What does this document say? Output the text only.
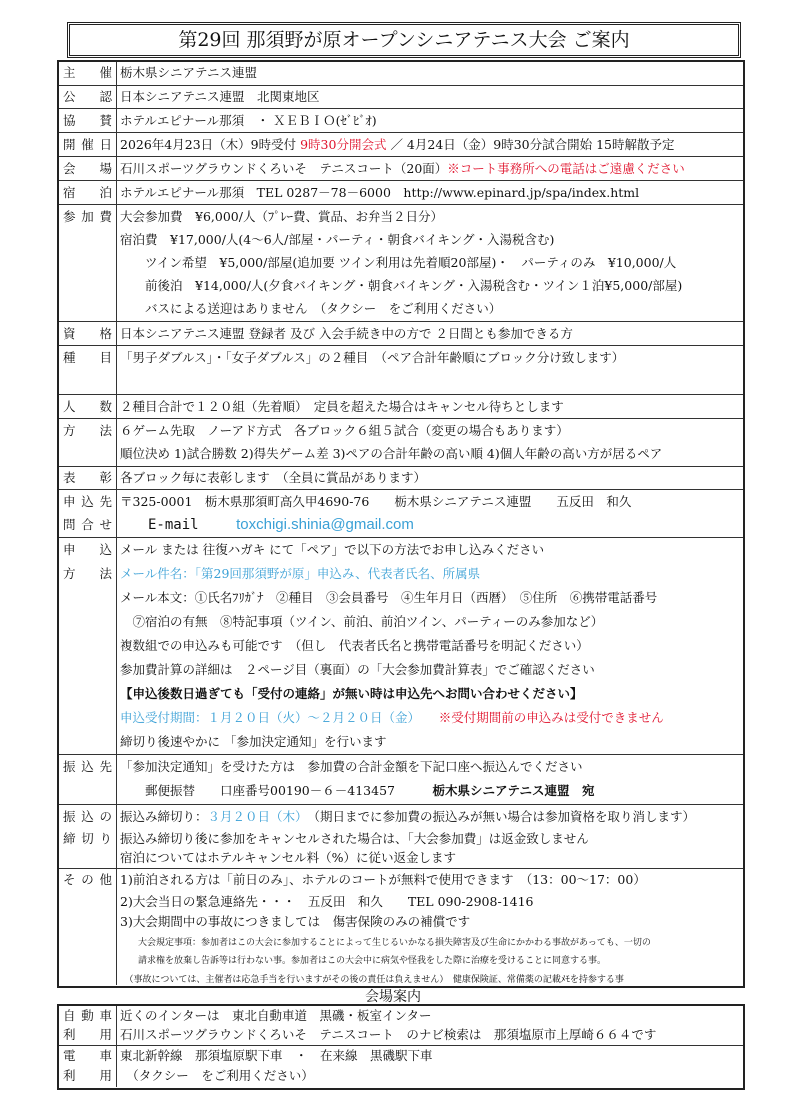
第29回 那須野が原オープンシニアテニス大会 ご案内
主　催 栃木県シニアテニス連盟
公　認 日本シニアテニス連盟　北関東地区
協　賛 ホテルエピナール那須　・ ＸＥＢＩＯ(ｾﾞﾋﾞｵ)
開催日 2026年4月23日（木）9時受付 9時30分開会式 ／ 4月24日（金）9時30分試合開始 15時解散予定
会　場 石川スポーツグラウンドくろいそ　テニスコート（20面）※コート事務所への電話はご遠慮ください
宿　泊 ホテルエピナール那須　TEL 0287－78－6000　http://www.epinard.jp/spa/index.html
参加費 大会参加費　¥6,000/人（ﾌﾟﾚｰ費、賞品、お弁当２日分）
宿泊費　¥17,000/人(4～6人/部屋・パーティ・朝食バイキング・入湯税含む)
　　ツイン希望　¥5,000/部屋(追加要 ツイン利用は先着順20部屋)・　パーティのみ　¥10,000/人
　　前後泊　¥14,000/人(夕食バイキング・朝食バイキング・入湯税含む・ツイン１泊¥5,000/部屋)
　　バスによる送迎はありません　（タクシー　をご利用ください）
資　格 日本シニアテニス連盟 登録者 及び 入会手続き中の方で ２日間とも参加できる方
種　目 「男子ダブルス」・「女子ダブルス」の２種目　（ペア合計年齢順にブロック分け致します）
人　数 ２種目合計で１２０組（先着順）　定員を超えた場合はキャンセル待ちとします
方　法 ６ゲーム先取　ノーアド方式　各ブロック６組５試合（変更の場合もあります）
順位決め 1)試合勝数 2)得失ゲーム差 3)ペアの合計年齢の高い順 4)個人年齢の高い方が居るペア
表　彰 各ブロック毎に表彰します　（全員に賞品があります）
申込先
問合せ
〒325-0001　栃木県那須町高久甲4690-76　　栃木県シニアテニス連盟　　五反田　和久
　　E-mail　　　	toxchigi.shinia@gmail.com
申　込
方　法
メール または 往復ハガキ にて「ペア」で以下の方法でお申し込みください
メール件名：「第29回那須野が原」申込み、代表者氏名、所属県
メール本文：①氏名ﾌﾘｶﾞﾅ　②種目　③会員番号　④生年月日（西暦）　⑤住所　⑥携帯電話番号
　⑦宿泊の有無　⑧特記事項（ツイン、前泊、前泊ツイン、パーティーのみ参加など）
複数組での申込みも可能です　（但し　代表者氏名と携帯電話番号を明記ください）
参加費計算の詳細は　２ページ目（裏面）の「大会参加費計算表」でご確認ください
【申込後数日過ぎても「受付の連絡」が無い時は申込先へお問い合わせください】
申込受付期間：１月２０日（火）～２月２０日（金）　　 ※受付期間前の申込みは受付できません
締切り後速やかに 「参加決定通知」を行います
振込先 「参加決定通知」を受けた方は　参加費の合計金額を下記口座へ振込んでください
　　郵便振替　　口座番号00190－６－413457　　　栃木県シニアテニス連盟　宛
振込の
締切り
振込み締切り：３月２０日（木）　（期日までに参加費の振込みが無い場合は参加資格を取り消します）
振込み締切り後に参加をキャンセルされた場合は、「大会参加費」は返金致しません
宿泊についてはホテルキャンセル料（%）に従い返金します
その他 1)前泊される方は「前日のみ」、ホテルのコートが無料で使用できます　（13：00～17：00）
2)大会当日の緊急連絡先・・・　五反田　和久　　TEL 090-2908-1416
3)大会期間中の事故につきましては　傷害保険のみの補償です
　　大会規定事項：参加者はこの大会に参加することによって生じるいかなる損失障害及び生命にかかわる事故があっても、一切の
　　請求権を放棄し告訴等は行わない事。参加者はこの大会中に病気や怪我をした際に治療を受けることに同意する事。
　（事故については、主催者は応急手当を行いますがその後の責任は負えません）　健康保険証、常備薬の記載ﾒﾓを持参する事
会場案内
自動車
利　用
近くのインターは　東北自動車道　黒磯・板室インター
石川スポーツグラウンドくろいそ　テニスコート　のナビ検索は　那須塩原市上厚崎６６４です
電　車
利　用
東北新幹線　那須塩原駅下車　・　在来線　黒磯駅下車
　（タクシー　をご利用ください）
